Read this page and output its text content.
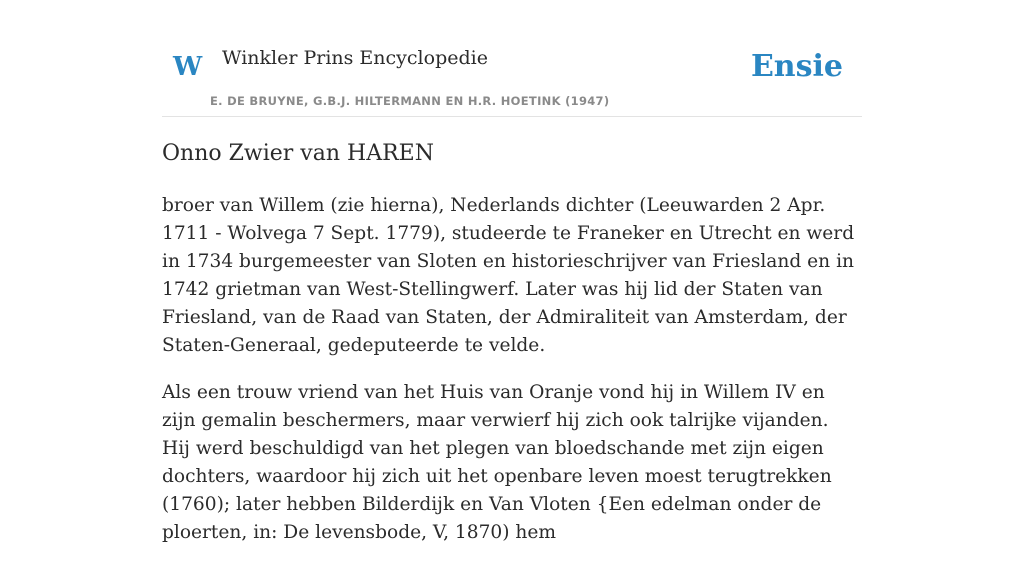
W Winkler Prins Encyclopedie
E. DE BRUYNE, G.B.J. HILTERMANN EN H.R. HOETINK (1947)
Ensie
Onno Zwier van HAREN

broer van Willem (zie hierna), Nederlands dichter (Leeuwarden 2 Apr. 1711 - Wolvega 7 Sept. 1779), studeerde te Franeker en Utrecht en werd in 1734 burgemeester van Sloten en historieschrijver van Friesland en in 1742 grietman van West-Stellingwerf. Later was hij lid der Staten van Friesland, van de Raad van Staten, der Admiraliteit van Amsterdam, der Staten-Generaal, gedeputeerde te velde.

Als een trouw vriend van het Huis van Oranje vond hij in Willem IV en zijn gemalin beschermers, maar verwierf hij zich ook talrijke vijanden. Hij werd beschuldigd van het plegen van bloedschande met zijn eigen dochters, waardoor hij zich uit het openbare leven moest terugtrekken (1760); later hebben Bilderdijk en Van Vloten {Een edelman onder de ploerten, in: De levensbode, V, 1870) hem
